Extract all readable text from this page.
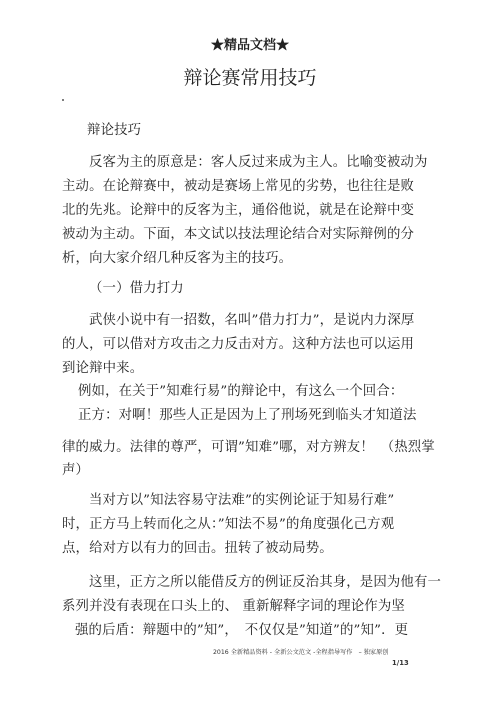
★精品文档★
辩论赛常用技巧
辩论技巧
反客为主的原意是：客人反过来成为主人。比喻变被动为
主动。在论辩赛中，被动是赛场上常见的劣势，也往往是败
北的先兆。论辩中的反客为主，通俗他说，就是在论辩中变
被动为主动。下面，本文试以技法理论结合对实际辩例的分
析，向大家介绍几种反客为主的技巧。
（一）借力打力
武侠小说中有一招数，名叫”借力打力”，是说内力深厚
的人，可以借对方攻击之力反击对方。这种方法也可以运用
到论辩中来。
例如，在关于”知难行易”的辩论中，有这么一个回合：
正方：对啊！那些人正是因为上了刑场死到临头才知道法
律的威力。法律的尊严，可谓”知难”哪，对方辨友！　（热烈掌
声）
当对方以”知法容易守法难”的实例论证于知易行难”
时，正方马上转而化之从：”知法不易”的角度强化己方观
点，给对方以有力的回击。扭转了被动局势。
这里，正方之所以能借反方的例证反治其身，是因为他有一
系列并没有表现在口头上的、 重新解释字词的理论作为坚
强的后盾：辩题中的”知”，　不仅仅是”知道”的”知”．更
2016 全新精品资料 - 全新公文范文 -全程指导写作　– 独家原创
1/13
